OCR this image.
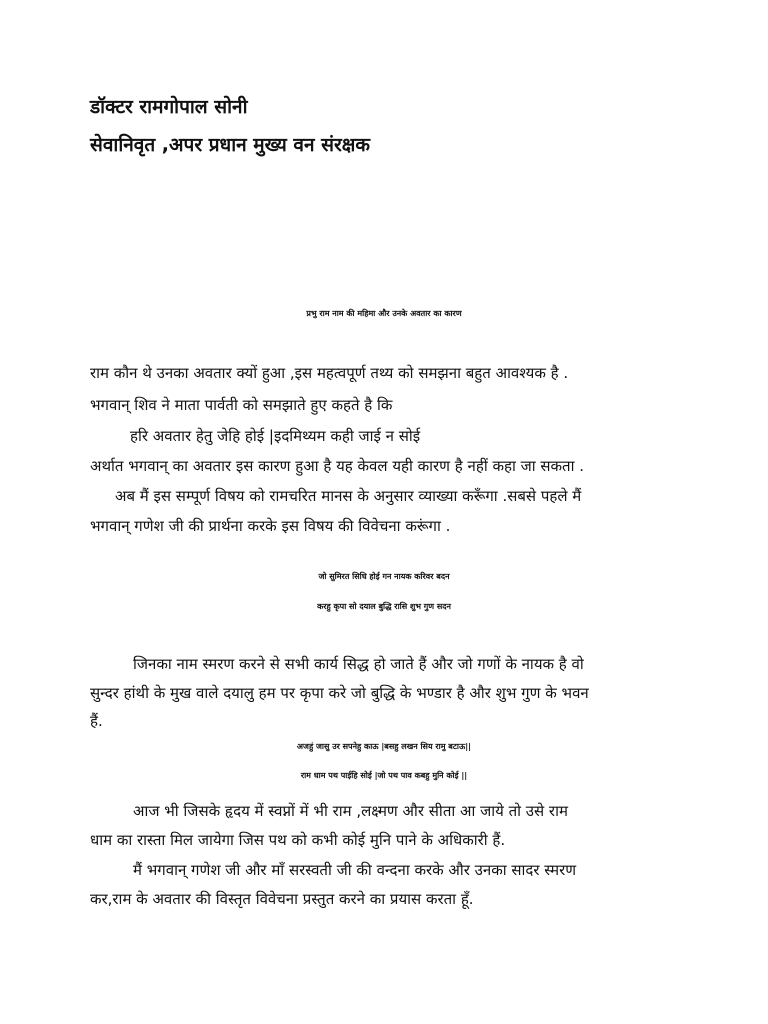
डॉक्टर रामगोपाल सोनी
सेवानिवृत ,अपर प्रधान मुख्य वन संरक्षक
प्रभु राम नाम की महिमा और उनके अवतार का कारण
राम कौन थे उनका अवतार क्यों हुआ ,इस महत्वपूर्ण तथ्य को समझना बहुत आवश्यक है .
भगवान् शिव ने माता पार्वती को समझाते हुए कहते है कि
हरि अवतार हेतु जेहि होई |इदमिथ्यम कही जाई न सोई
अर्थात भगवान् का अवतार इस कारण हुआ है यह केवल यही कारण है नहीं कहा जा सकता .
अब मैं इस सम्पूर्ण विषय को रामचरित मानस के अनुसार व्याख्या करूँगा .सबसे पहले मैं
भगवान् गणेश जी की प्रार्थना करके इस विषय की विवेचना करूंगा .
जो सुमिरत सिधि होई गन नायक करिवर बदन
करहु कृपा सो दयाल बुद्धि रासि शुभ गुण सदन
जिनका नाम स्मरण करने से सभी कार्य सिद्ध हो जाते हैं और जो गणों के नायक है वो
सुन्दर हांथी के मुख वाले दयालु हम पर कृपा करे जो बुद्धि के भण्डार है और शुभ गुण के भवन
हैं.
अजहुं जासु उर सपनेहु काऊ |बसहु लखन सिय रामु बटाऊ||
राम धाम पथ पाईहि सोई |जो पथ पाव कबहु मुनि कोई ||
आज भी जिसके हृदय में स्वप्नों में भी राम ,लक्ष्मण और सीता आ जाये तो उसे राम
धाम का रास्ता मिल जायेगा जिस पथ को कभी कोई मुनि पाने के अधिकारी हैं.
मैं भगवान् गणेश जी और माँ सरस्वती जी की वन्दना करके और उनका सादर स्मरण
कर,राम के अवतार की विस्तृत विवेचना प्रस्तुत करने का प्रयास करता हूँ.
